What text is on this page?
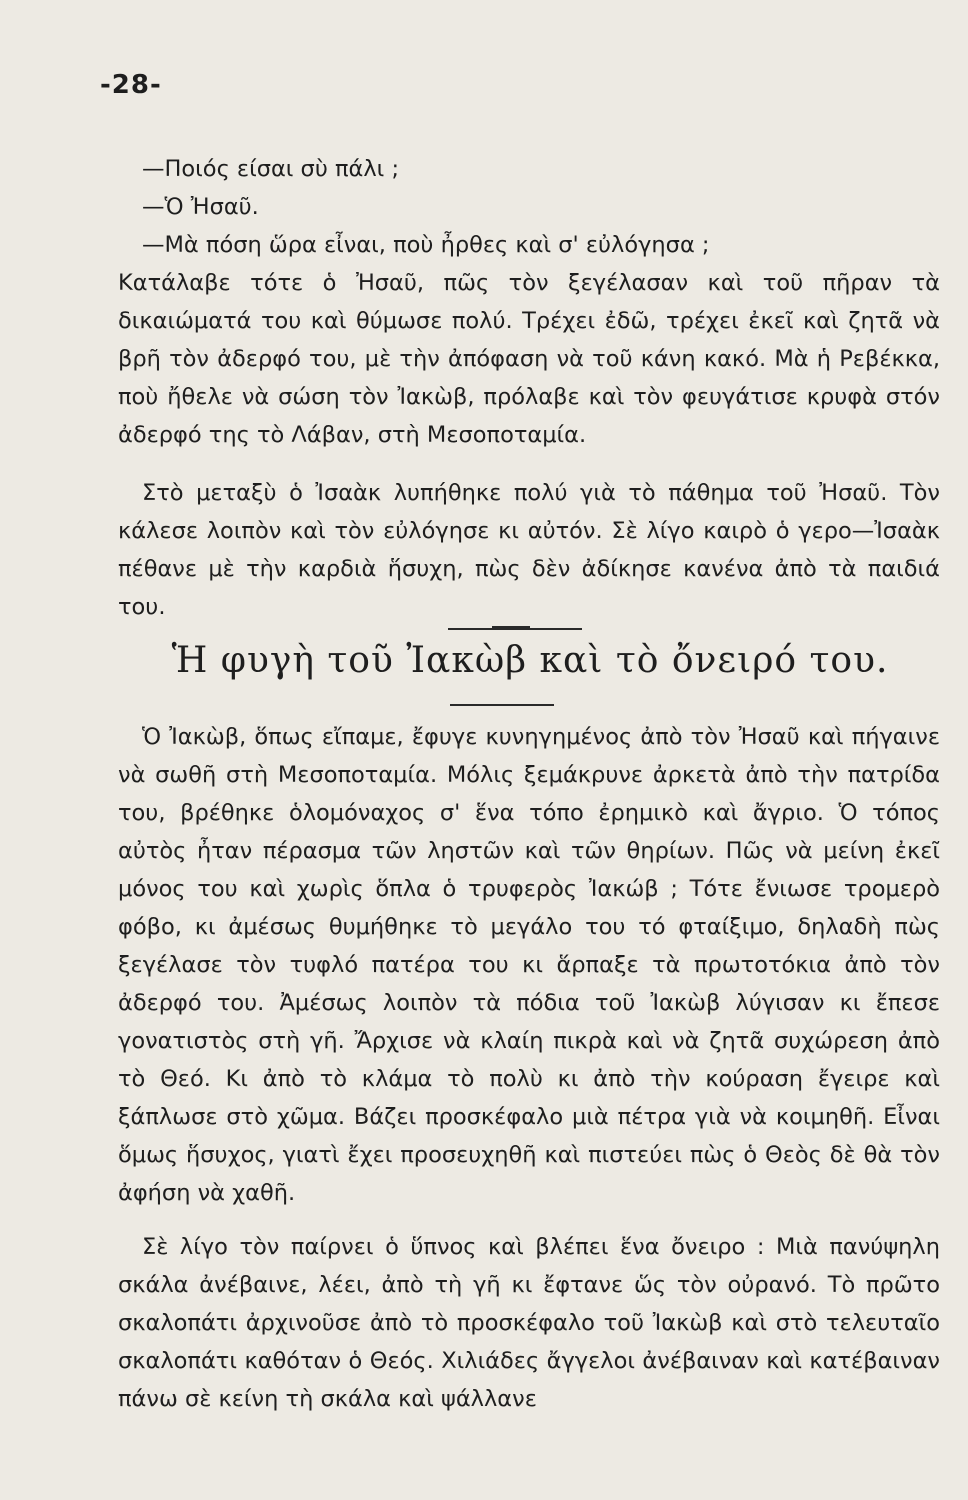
-28-

—Ποιός είσαι σὺ πάλι ;

—Ὁ Ἠσαῦ.

—Μὰ πόση ὥρα εἶναι, ποὺ ἦρθες καὶ σ' εὐλόγησα ;

Κατάλαβε τότε ὁ Ἠσαῦ, πῶς τὸν ξεγέλασαν καὶ τοῦ πῆραν τὰ δικαιώματά του καὶ θύμωσε πολύ. Τρέχει ἐδῶ, τρέχει ἐκεῖ καὶ ζητᾶ νὰ βρῆ τὸν ἀδερφό του, μὲ τὴν ἀπόφαση νὰ τοῦ κάνη κακό. Μὰ ἡ Ρεβέκκα, ποὺ ἤθελε νὰ σώση τὸν Ἰακὼβ, πρόλαβε καὶ τὸν φευγάτισε κρυφὰ στόν ἀδερφό της τὸ Λάβαν, στὴ Μεσοποταμία.

Στὸ μεταξὺ ὁ Ἰσαὰκ λυπήθηκε πολύ γιὰ τὸ πάθημα τοῦ Ἠσαῦ. Τὸν κάλεσε λοιπὸν καὶ τὸν εὐλόγησε κι αὐτόν. Σὲ λίγο καιρὸ ὁ γερο—Ἰσαὰκ πέθανε μὲ τὴν καρδιὰ ἥσυχη, πὼς δὲν ἀδίκησε κανένα ἀπὸ τὰ παιδιά του.

Ἡ φυγὴ τοῦ Ἰακὼβ καὶ τὸ ὄνειρό του.

Ὁ Ἰακὼβ, ὅπως εἴπαμε, ἔφυγε κυνηγημένος ἀπὸ τὸν Ἠσαῦ καὶ πήγαινε νὰ σωθῆ στὴ Μεσοποταμία. Μόλις ξεμάκρυνε ἀρκετὰ ἀπὸ τὴν πατρίδα του, βρέθηκε ὁλομόναχος σ' ἕνα τόπο ἐρημικὸ καὶ ἄγριο. Ὁ τόπος αὐτὸς ἦταν πέρασμα τῶν ληστῶν καὶ τῶν θηρίων. Πῶς νὰ μείνη ἐκεῖ μόνος του καὶ χωρὶς ὅπλα ὁ τρυφερὸς Ἰακώβ ; Τότε ἔνιωσε τρομερὸ φόβο, κι ἀμέσως θυμήθηκε τὸ μεγάλο του τό φταίξιμο, δηλαδὴ πὼς ξεγέλασε τὸν τυφλό πατέρα του κι ἅρπαξε τὰ πρωτοτόκια ἀπὸ τὸν ἀδερφό του. Ἀμέσως λοιπὸν τὰ πόδια τοῦ Ἰακὼβ λύγισαν κι ἔπεσε γονατιστὸς στὴ γῆ. Ἄρχισε νὰ κλαίη πικρὰ καὶ νὰ ζητᾶ συχώρεση ἀπὸ τὸ Θεό. Κι ἀπὸ τὸ κλάμα τὸ πολὺ κι ἀπὸ τὴν κούραση ἔγειρε καὶ ξάπλωσε στὸ χῶμα. Βάζει προσκέφαλο μιὰ πέτρα γιὰ νὰ κοιμηθῆ. Εἶναι ὅμως ἥσυχος, γιατὶ ἔχει προσευχηθῆ καὶ πιστεύει πὼς ὁ Θεὸς δὲ θὰ τὸν ἀφήση νὰ χαθῆ.

Σὲ λίγο τὸν παίρνει ὁ ὕπνος καὶ βλέπει ἕνα ὄνειρο : Μιὰ πανύψηλη σκάλα ἀνέβαινε, λέει, ἀπὸ τὴ γῆ κι ἔφτανε ὥς τὸν οὐρανό. Τὸ πρῶτο σκαλοπάτι ἀρχινοῦσε ἀπὸ τὸ προσκέφαλο τοῦ Ἰακὼβ καὶ στὸ τελευταῖο σκαλοπάτι καθόταν ὁ Θεός. Χιλιάδες ἄγγελοι ἀνέβαιναν καὶ κατέβαιναν πάνω σὲ κείνη τὴ σκάλα καὶ ψάλλανε
